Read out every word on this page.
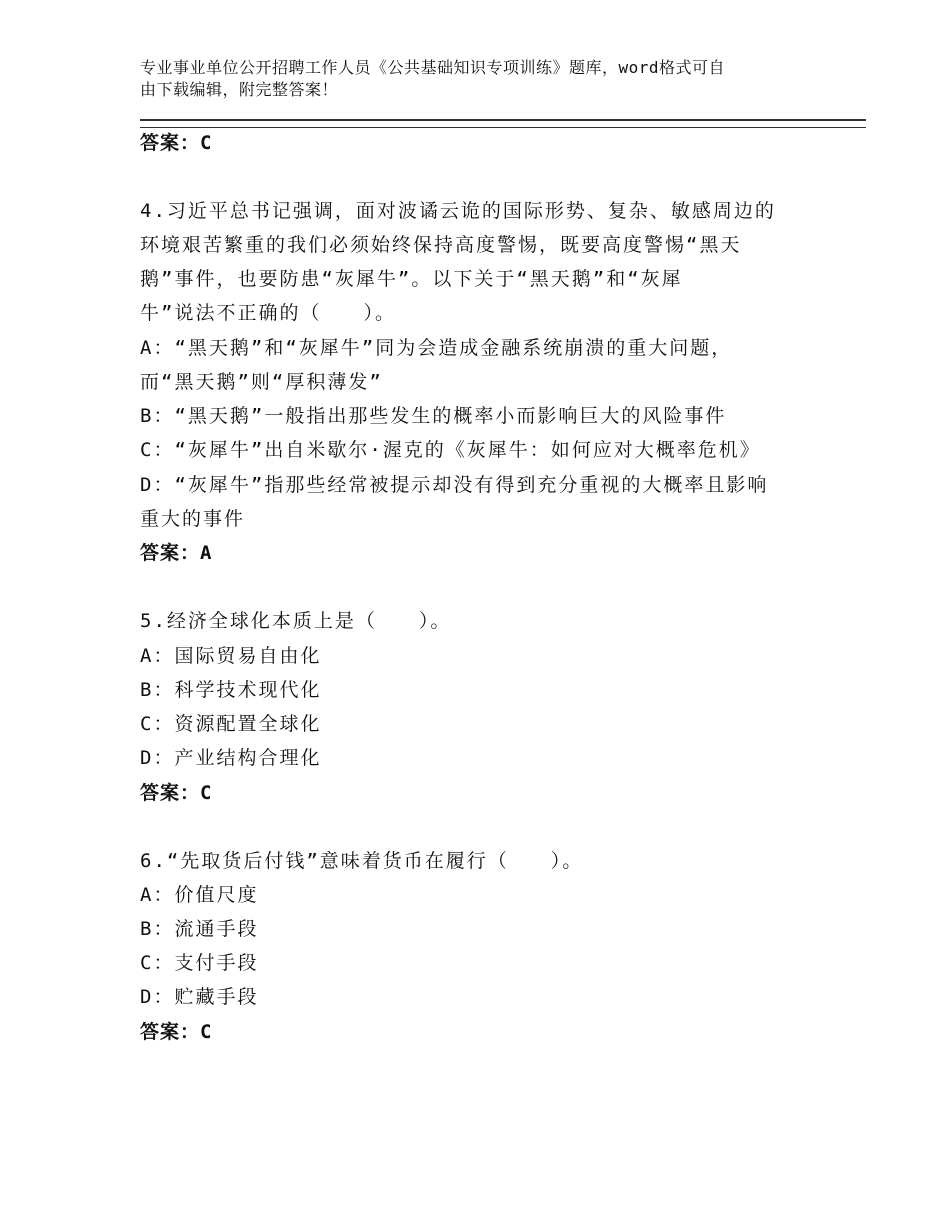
专业事业单位公开招聘工作人员《公共基础知识专项训练》题库，word格式可自
由下载编辑，附完整答案！
答案：C
4.习近平总书记强调，面对波谲云诡的国际形势、复杂、敏感周边的
环境艰苦繁重的我们必须始终保持高度警惕，既要高度警惕“黑天
鹅”事件，也要防患“灰犀牛”。以下关于“黑天鹅”和“灰犀
牛”说法不正确的（　　）。
A：“黑天鹅”和“灰犀牛”同为会造成金融系统崩溃的重大问题，
而“黑天鹅”则“厚积薄发”
B：“黑天鹅”一般指出那些发生的概率小而影响巨大的风险事件
C：“灰犀牛”出自米歇尔·渥克的《灰犀牛：如何应对大概率危机》
D：“灰犀牛”指那些经常被提示却没有得到充分重视的大概率且影响
重大的事件
答案：A
5.经济全球化本质上是（　　）。
A：国际贸易自由化
B：科学技术现代化
C：资源配置全球化
D：产业结构合理化
答案：C
6.“先取货后付钱”意味着货币在履行（　　）。
A：价值尺度
B：流通手段
C：支付手段
D：贮藏手段
答案：C
